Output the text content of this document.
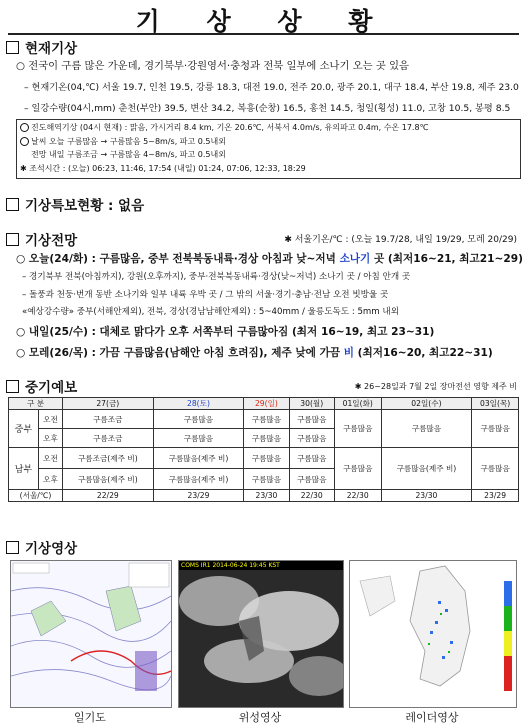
기 상 상 황
현재기상
○ 전국이 구름 많은 가운데, 경기북부·강원영서·충청과 전북 일부에 소나기 오는 곳 있음
– 현재기온(04,℃) 서울 19.7, 인천 19.5, 강릉 18.3, 대전 19.0, 전주 20.0, 광주 20.1, 대구 18.4, 부산 19.8, 제주 23.0
– 일강수량(04시,mm) 춘천(부안) 39.5, 변산 34.2, 복흥(순창) 16.5, 홍천 14.5, 청일(횡성) 11.0, 고창 10.5, 봉평 8.5
진도해역기상 (04시 현재) : 맑음, 가시거리 8.4 km, 기온 20.6℃, 서북서 4.0m/s, 유의파고 0.4m, 수온 17.8℃
날씨 오늘 구름많음 → 구름많음 5~8m/s, 파고 0.5내외
전망 내일 구름조금 → 구름많음 4~8m/s, 파고 0.5내외
✱ 조석시간 : (오늘) 06:23, 11:46, 17:54 (내일) 01:24, 07:06, 12:33, 18:29
기상특보현황 : 없음
기상전망	✱ 서울기온/℃ : (오늘 19.7/28, 내일 19/29, 모레 20/29)
○ 오늘(24/화) : 구름많음, 중부 전북북동내륙·경상 아침과 낮~저녁 소나기 곳 (최저16~21, 최고21~29)
– 경기북부 전북(아침까지), 강원(오후까지), 중부·전북북동내륙·경상(낮~저녁) 소나기 곳 / 아침 안개 곳
– 돌풍과 천둥·번개 동반 소나기와 일부 내륙 우박 곳 / 그 밖의 서울·경기·충남·전남 오전 빗방울 곳
«예상강수량» 중부(서해안제외), 전북, 경상(경남남해안제외) : 5~40mm / 울릉도독도 : 5mm 내외
○ 내일(25/수) : 대체로 맑다가 오후 서쪽부터 구름많아짐 (최저 16~19, 최고 23~31)
○ 모레(26/목) : 가끔 구름많음(남해안 아침 흐려짐), 제주 낮에 가끔 비 (최저16~20, 최고22~31)
중기예보	✱ 26~28일과 7월 2일 장마전선 영향 제주 비
구 분		27(금)	28(토)	29(일)	30(월)	01일(화)	02일(수)	03일(목)
중부	오전	구름조금	구름많음	구름많음	구름많음	구름많음	구름많음	구름많음
	오후	구름조금	구름많음	구름많음	구름많음			
남부	오전	구름조금(제주 비)	구름많음(제주 비)	구름많음	구름많음	구름많음	구름많음(제주 비)	구름많음
	오후	구름많음(제주 비)	구름많음(제주 비)	구름많음	구름많음			
(서울/℃)		22/29	23/29	23/30	22/30	22/30	23/30	23/29
기상영상
COMS IR1 2014-06-24 19:45 KST
일기도	위성영상	레이더영상
